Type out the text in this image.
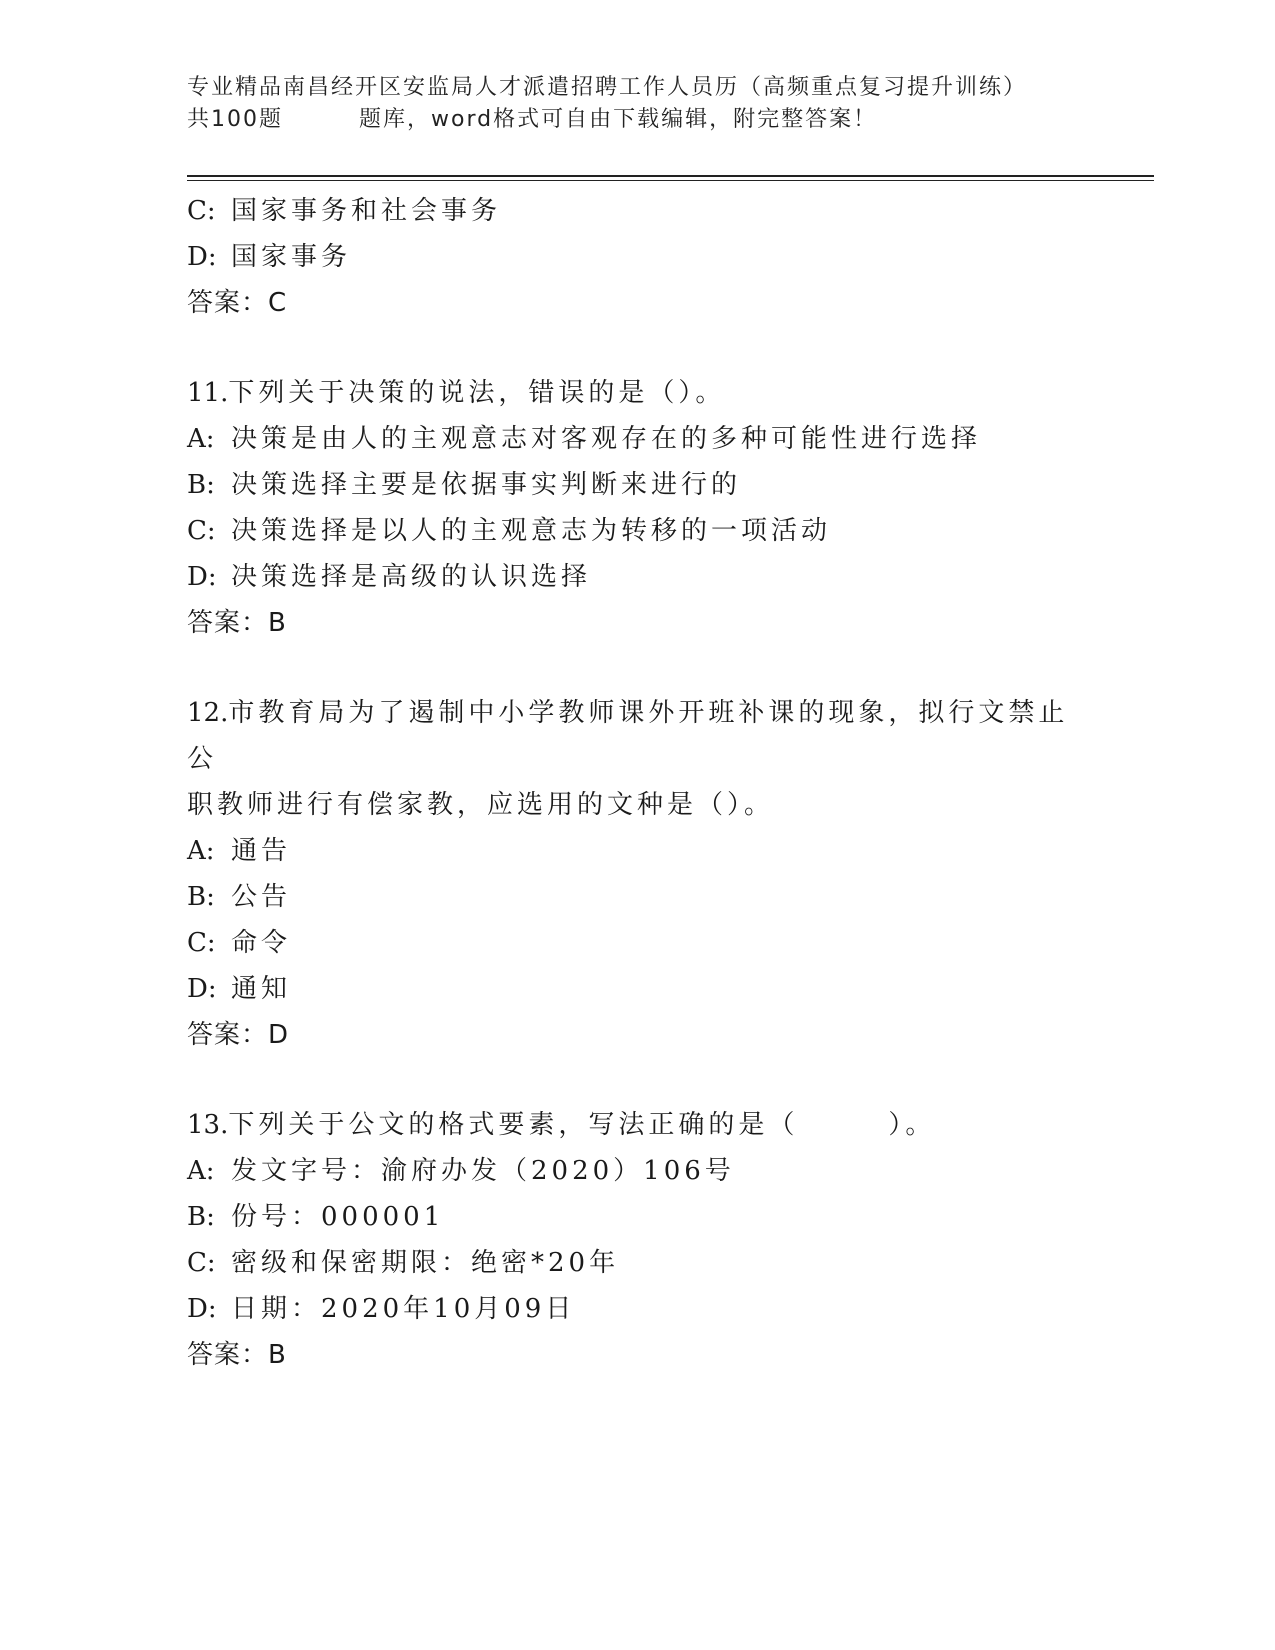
专业精品南昌经开区安监局人才派遣招聘工作人员历（高频重点复习提升训练）
共100题	题库，word格式可自由下载编辑，附完整答案！
C: 国家事务和社会事务
D: 国家事务
答案：C
11.下列关于决策的说法，错误的是（）。
A: 决策是由人的主观意志对客观存在的多种可能性进行选择
B: 决策选择主要是依据事实判断来进行的
C: 决策选择是以人的主观意志为转移的一项活动
D: 决策选择是高级的认识选择
答案：B
12.市教育局为了遏制中小学教师课外开班补课的现象，拟行文禁止公
职教师进行有偿家教，应选用的文种是（）。
A: 通告
B: 公告
C: 命令
D: 通知
答案：D
13.下列关于公文的格式要素，写法正确的是（　　　）。
A: 发文字号：渝府办发（2020）106号
B: 份号：000001
C: 密级和保密期限：绝密*20年
D: 日期：2020年10月09日
答案：B
